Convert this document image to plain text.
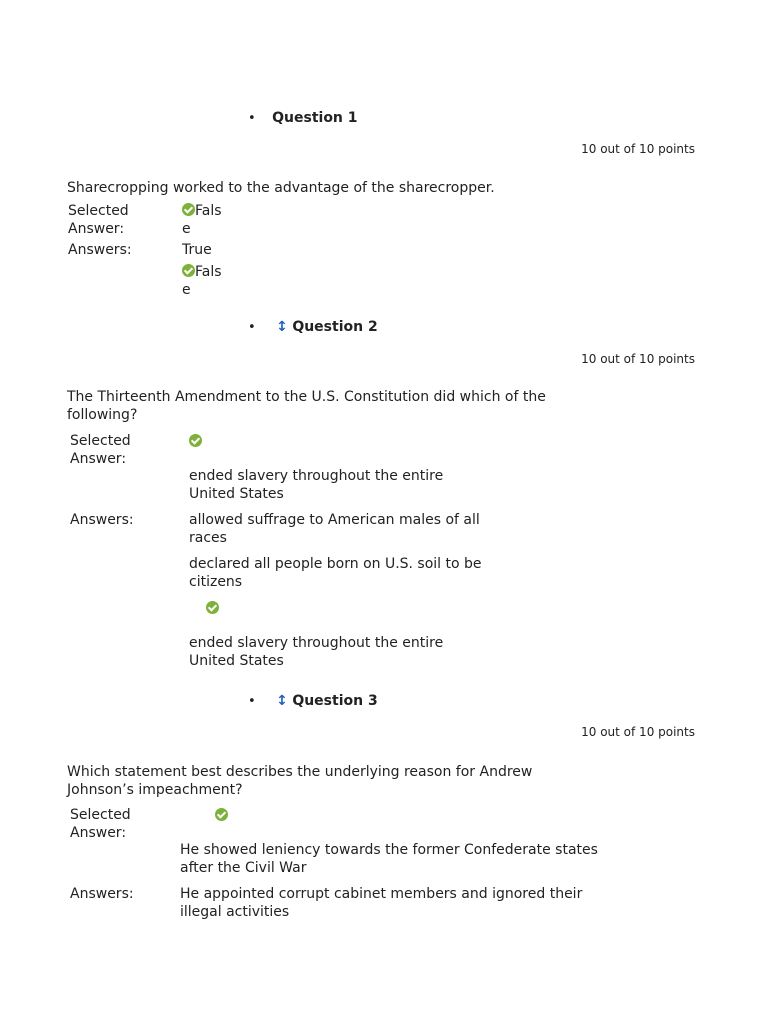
• Question 1
10 out of 10 points
Sharecropping worked to the advantage of the sharecropper.
Selected
Answer:
False
Answers:	True
False
• ↕ Question 2
10 out of 10 points
The Thirteenth Amendment to the U.S. Constitution did which of the
following?
Selected
Answer:

ended slavery throughout the entire
United States
Answers:	allowed suffrage to American males of all
races
declared all people born on U.S. soil to be
citizens

ended slavery throughout the entire
United States
• ↕ Question 3
10 out of 10 points
Which statement best describes the underlying reason for Andrew
Johnson’s impeachment?
Selected
Answer:
He showed leniency towards the former Confederate states
after the Civil War
Answers:	He appointed corrupt cabinet members and ignored their
illegal activities
